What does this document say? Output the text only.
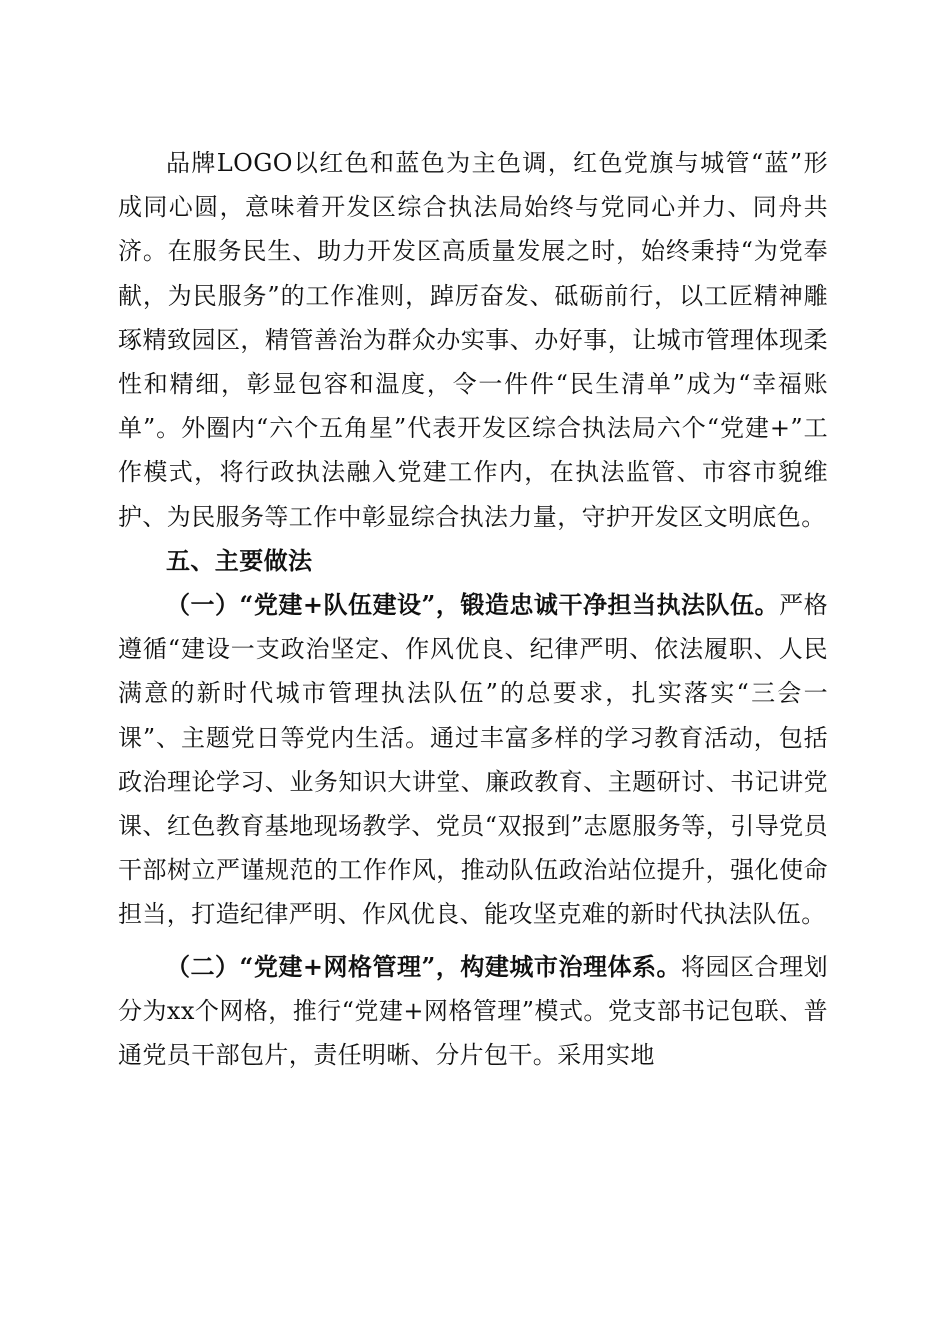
品牌LOGO以红色和蓝色为主色调，红色党旗与城管“蓝”形成同心圆，意味着开发区综合执法局始终与党同心并力、同舟共济。在服务民生、助力开发区高质量发展之时，始终秉持“为党奉献，为民服务”的工作准则，踔厉奋发、砥砺前行，以工匠精神雕琢精致园区，精管善治为群众办实事、办好事，让城市管理体现柔性和精细，彰显包容和温度，令一件件“民生清单”成为“幸福账单”。外圈内“六个五角星”代表开发区综合执法局六个“党建+”工作模式，将行政执法融入党建工作内，在执法监管、市容市貌维护、为民服务等工作中彰显综合执法力量，守护开发区文明底色。

五、主要做法

（一）“党建+队伍建设”，锻造忠诚干净担当执法队伍。严格遵循“建设一支政治坚定、作风优良、纪律严明、依法履职、人民满意的新时代城市管理执法队伍”的总要求，扎实落实“三会一课”、主题党日等党内生活。通过丰富多样的学习教育活动，包括政治理论学习、业务知识大讲堂、廉政教育、主题研讨、书记讲党课、红色教育基地现场教学、党员“双报到”志愿服务等，引导党员干部树立严谨规范的工作作风，推动队伍政治站位提升，强化使命担当，打造纪律严明、作风优良、能攻坚克难的新时代执法队伍。

（二）“党建+网格管理”，构建城市治理体系。将园区合理划分为xx个网格，推行“党建+网格管理”模式。党支部书记包联、普通党员干部包片，责任明晰、分片包干。采用实地
